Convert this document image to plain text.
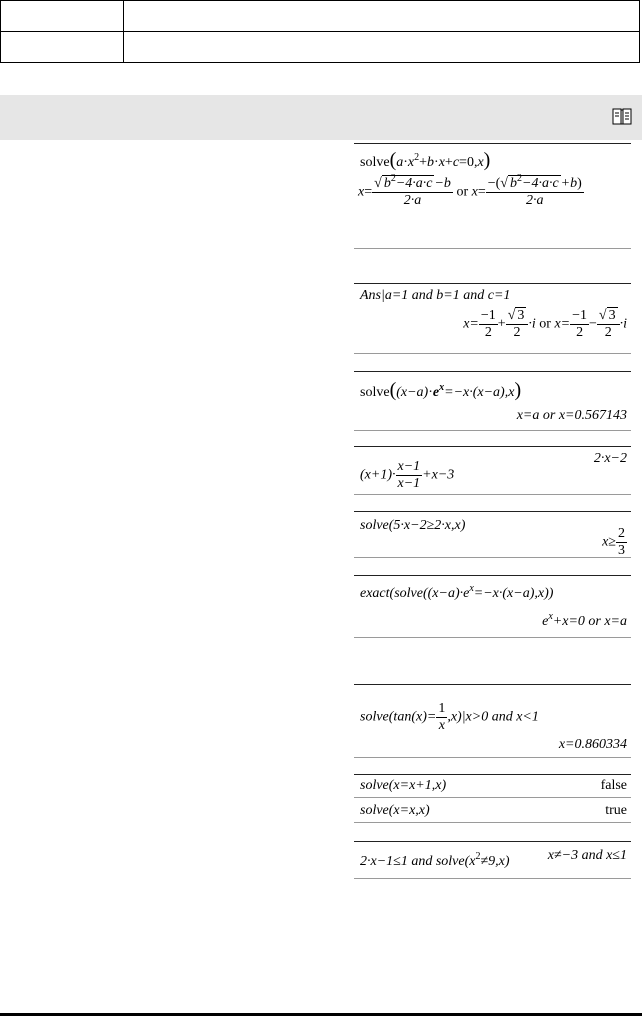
$solve(a\cdot x^2+b\cdot x+c=0,x)$
$x= \frac{√ b^2-4\cdot a\cdot c -b}{2\cdot a}$ or $x= \frac{-(√ b^2-4\cdot a\cdot c +b)}{2\cdot a}$
Ans|a=1 and b=1 and c=1
$x= \frac{-1}{2} + \frac{√ 3}{2} \cdot i$ or $x= \frac{-1}{2} - \frac{√ 3}{2} \cdot i$
$solve((x-a)\cdot e^x=-x\cdot(x-a),x)$
x=a or x=0.567143
$(x+1)\cdot \frac{x-1}{x-1} +x-3$
2·x−2
solve(5·x−2≥2·x,x)
$x\ge \frac{2}{3}$
$exact(solve((x-a)\cdot e^x=-x\cdot(x-a),x))$
$e^x+x=0$ or x=a
solve(tan(x)= $\frac{1}{x} ,x)|x>0$ and x<1
x=0.860334
solve(x=x+1,x)	false
solve(x=x,x)	true
2·x−1≤1 and $solve(x^2\ne 9,x)$	x≠−3 and x≤1
